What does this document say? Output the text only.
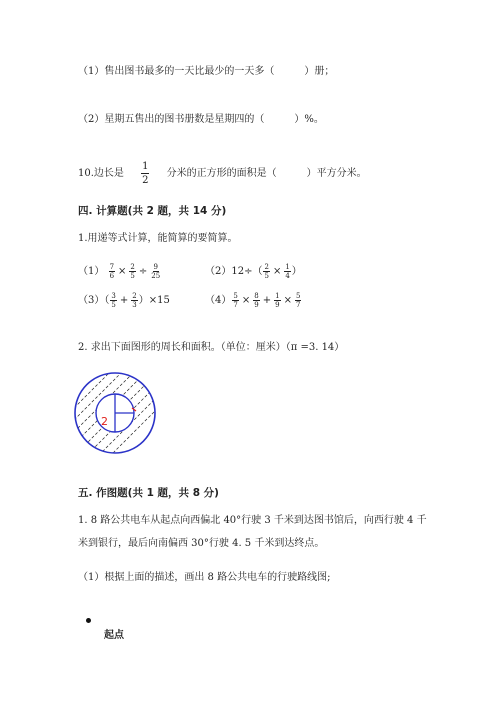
（1）售出图书最多的一天比最少的一天多（	）册；
（2）星期五售出的图书册数是星期四的（	）%。
10.边长是 $\frac{1}{2}$ 分米的正方形的面积是（	）平方分米。
四. 计算题(共 2 题，共 14 分)
1.用递等式计算，能简算的要简算。
$(1) \frac{7}{6} \times \frac{2}{5} \div \frac{9}{25}$	$(2)12\div( \frac{2}{5} \times \frac{1}{4}$ ）
$(3)( \frac{3}{5} + \frac{2}{3} )\times 15$	$(4) \frac{5}{7} \times \frac{8}{9} + \frac{1}{9} \times \frac{5}{7}$
2. 求出下面图形的周长和面积。（单位：厘米）（π =3. 14）
2
五. 作图题(共 1 题，共 8 分)
1. 8 路公共电车从起点向西偏北 40°行驶 3 千米到达图书馆后，向西行驶 4 千
米到银行，最后向南偏西 30°行驶 4. 5 千米到达终点。
（1）根据上面的描述，画出 8 路公共电车的行驶路线图;
起点
